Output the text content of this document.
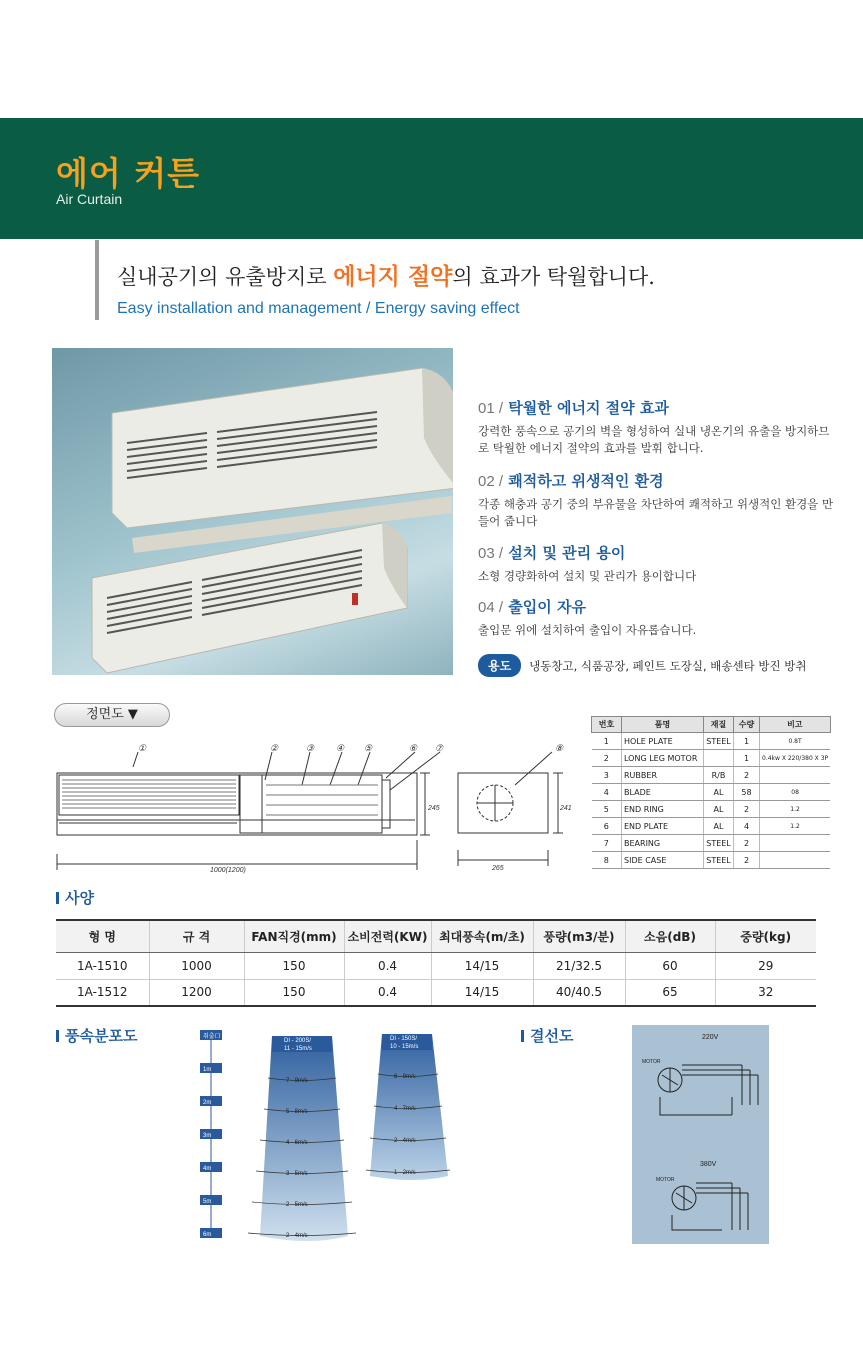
에어 커튼
Air Curtain
실내공기의 유출방지로 에너지 절약의 효과가 탁월합니다.
Easy installation and management / Energy saving effect
01 / 탁월한 에너지 절약 효과
강력한 풍속으로 공기의 벽을 형성하여 실내 냉온기의 유출을 방지하므로 탁월한 에너지 절약의 효과를 발휘 합니다.
02 / 쾌적하고 위생적인 환경
각종 해충과 공기 중의 부유물을 차단하여 쾌적하고 위생적인 환경을 만들어 줍니다
03 / 설치 및 관리 용이
소형 경량화하여 설치 및 관리가 용이합니다
04 / 출입이 자유
출입문 위에 설치하여 출입이 자유롭습니다.
용도	냉동창고, 식품공장, 페인트 도장실, 배송센타 방진 방취
정면도 ▼
①	②	③ ④ ⑤	⑥ ⑦	⑧
1000(1200)
245	241
265
번호	품명	재질	수량	비고
1	HOLE PLATE	STEEL	1	0.8T
2	LONG LEG MOTOR		1	0.4kw X 220/380 X 3P
3	RUBBER	R/B	2	
4	BLADE	AL	58	08
5	END RING	AL	2	1.2
6	END PLATE	AL	4	1.2
7	BEARING	STEEL	2	
8	SIDE CASE	STEEL	2	
사양
형 명	규 격	FAN직경(mm)	소비전력(KW)	최대풍속(m/초)	풍량(m3/분)	소음(dB)	중량(kg)
1A-1510	1000	150	0.4	14/15	21/32.5	60	29
1A-1512	1200	150	0.4	14/15	40/40.5	65	32
풍속분포도	취출口
1m
2m
3m
4m
5m
6m
DI - 200S/
11 - 15m/s
DI - 150S/
10 - 15m/s
7 - 9m/s
5 - 8m/s
4 - 6m/s
3 - 5m/s
2 - 5m/s
2 - 4m/s
6 - 9m/s
4 - 7m/s
2 - 4m/s
1 - 2m/s
결선도	220V
MOTOR
380V
MOTOR
